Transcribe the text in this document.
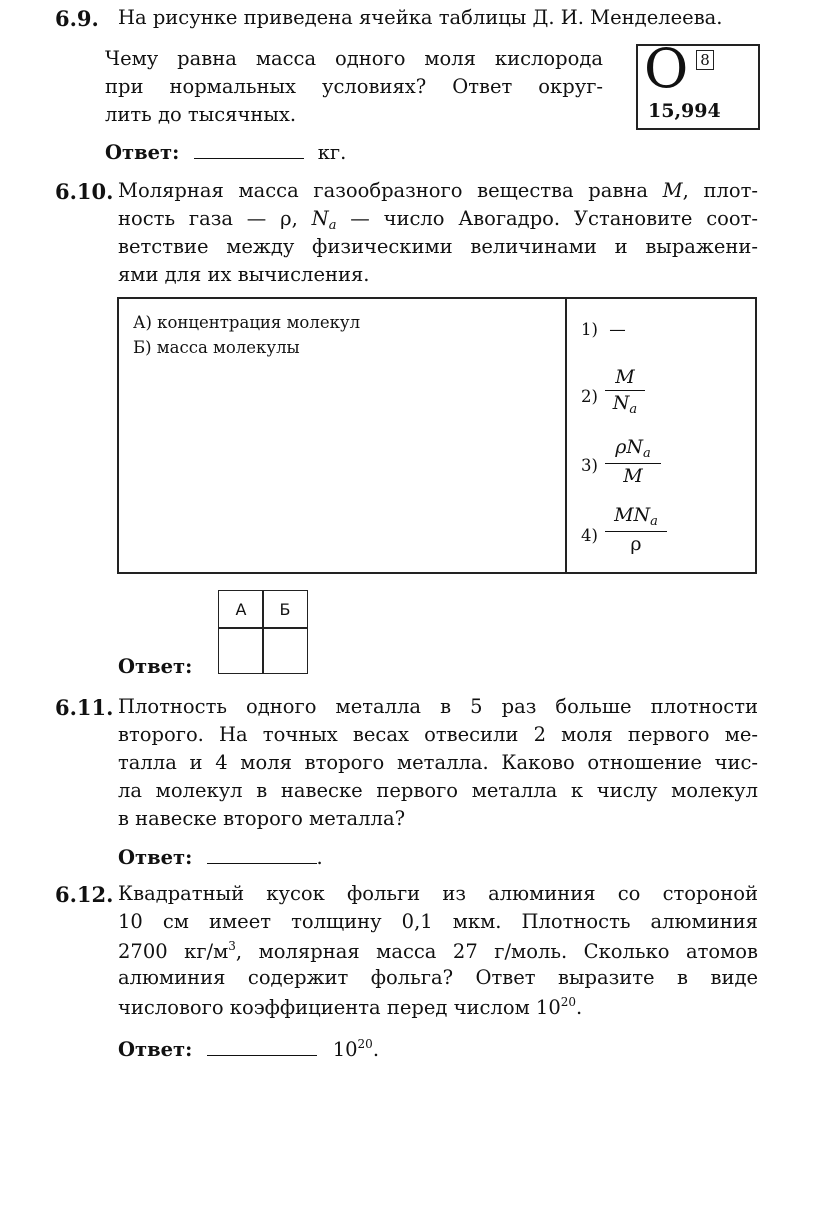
6.9. На рисунке приведена ячейка таблицы Д. И. Менделеева.
Чему равна масса одного моля кислорода
при нормальных условиях? Ответ округ-
лить до тысячных.
O 8
15,994
Ответ:	кг.
6.10. Молярная масса газообразного вещества равна M, плот-
ность газа — ρ, $N_a$ — число Авогадро. Установите соот-
ветствие между физическими величинами и выражени-
ями для их вычисления.
А) концентрация молекул
Б) масса молекулы
1) —
2)
M
$N_a$
3)
$\rho N_a$
M
4)
$MN_a$
ρ
Ответ:
А	Б
6.11. Плотность одного металла в 5 раз больше плотности
второго. На точных весах отвесили 2 моля первого ме-
талла и 4 моля второго металла. Каково отношение чис-
ла молекул в навеске первого металла к числу молекул
в навеске второго металла?
Ответ:	.
6.12. Квадратный кусок фольги из алюминия со стороной
10 см имеет толщину 0,1 мкм. Плотность алюминия
2700 $кг/м^3$, молярная масса 27 г/моль. Сколько атомов
алюминия содержит фольга? Ответ выразите в виде
числового коэффициента перед числом $10^{20}$.
Ответ:	$10^{20}$.
